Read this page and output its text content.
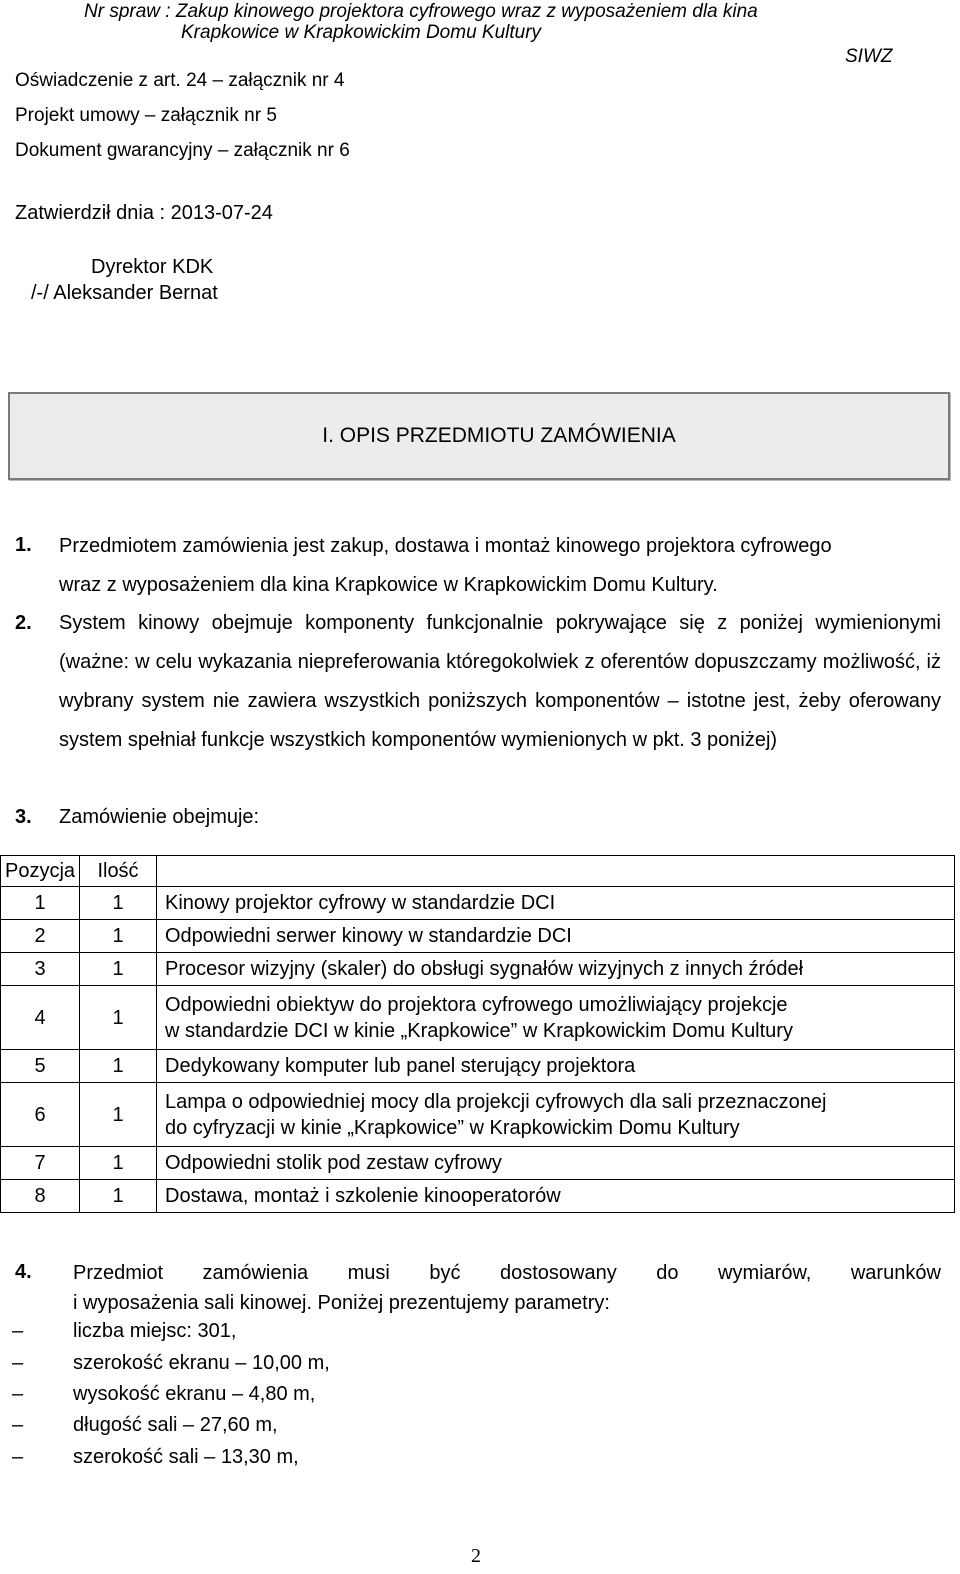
Nr spraw : Zakup kinowego projektora cyfrowego wraz z wyposażeniem dla kina
Krapkowice w Krapkowickim Domu Kultury
SIWZ
Oświadczenie z art. 24 – załącznik nr 4
Projekt umowy – załącznik nr 5
Dokument gwarancyjny – załącznik nr 6
Zatwierdził dnia : 2013-07-24
Dyrektor KDK
/-/ Aleksander Bernat
I. OPIS PRZEDMIOTU ZAMÓWIENIA
1. Przedmiotem zamówienia jest zakup, dostawa i montaż kinowego projektora cyfrowego

wraz z wyposażeniem dla kina Krapkowice w Krapkowickim Domu Kultury.

2. System kinowy obejmuje komponenty funkcjonalnie pokrywające się z poniżej wymienionymi (ważne: w celu wykazania niepreferowania któregokolwiek z oferentów dopuszczamy możliwość, iż wybrany system nie zawiera wszystkich poniższych komponentów – istotne jest, żeby oferowany system spełniał funkcje wszystkich komponentów wymienionych w pkt. 3 poniżej)
3. Zamówienie obejmuje:
Pozycja	Ilość	
1	1	Kinowy projektor cyfrowy w standardzie DCI

2	1	Odpowiedni serwer kinowy w standardzie DCI

3	1	Procesor wizyjny (skaler) do obsługi sygnałów wizyjnych z innych źródeł

4	1	Odpowiedni obiektyw do projektora cyfrowego umożliwiający projekcje
w standardzie DCI w kinie „Krapkowice” w Krapkowickim Domu Kultury

5	1	Dedykowany komputer lub panel sterujący projektora

6	1	Lampa o odpowiedniej mocy dla projekcji cyfrowych dla sali przeznaczonej
do cyfryzacji w kinie „Krapkowice” w Krapkowickim Domu Kultury

7	1	Odpowiedni stolik pod zestaw cyfrowy

8	1	Dostawa, montaż i szkolenie kinooperatorów
4. Przedmiot zamówienia musi być dostosowany do wymiarów, warunków
i wyposażenia sali kinowej. Poniżej prezentujemy parametry:
– liczba miejsc: 301,
– szerokość ekranu – 10,00 m,
– wysokość ekranu – 4,80 m,
– długość sali – 27,60 m,
– szerokość sali – 13,30 m,
2
